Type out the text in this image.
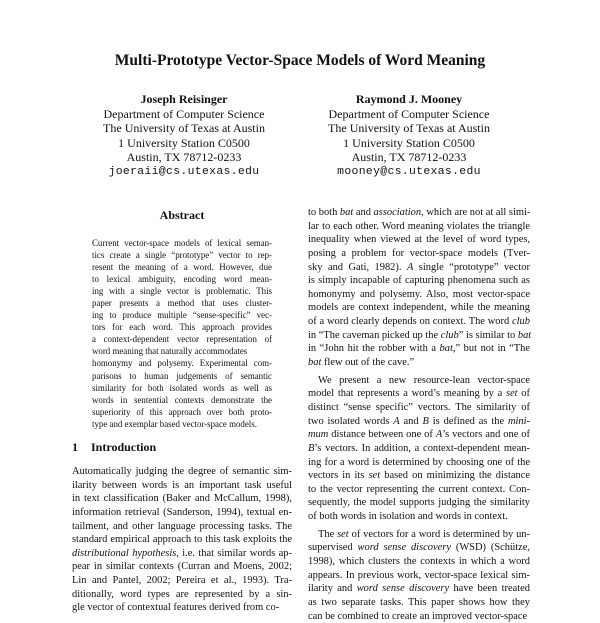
Multi-Prototype Vector-Space Models of Word Meaning
Joseph Reisinger
Department of Computer Science
The University of Texas at Austin
1 University Station C0500
Austin, TX 78712-0233
joeraii@cs.utexas.edu
Raymond J. Mooney
Department of Computer Science
The University of Texas at Austin
1 University Station C0500
Austin, TX 78712-0233
mooney@cs.utexas.edu
Abstract
Current vector-space models of lexical seman-
tics create a single “prototype” vector to rep-
resent the meaning of a word. However, due
to lexical ambiguity, encoding word mean-
ing with a single vector is problematic. This
paper presents a method that uses cluster-
ing to produce multiple “sense-specific” vec-
tors for each word. This approach provides
a context-dependent vector representation of
word meaning that naturally accommodates
homonymy and polysemy. Experimental com-
parisons to human judgements of semantic
similarity for both isolated words as well as
words in sentential contexts demonstrate the
superiority of this approach over both proto-
type and exemplar based vector-space models.
1 Introduction
Automatically judging the degree of semantic sim-
ilarity between words is an important task useful
in text classification (Baker and McCallum, 1998),
information retrieval (Sanderson, 1994), textual en-
tailment, and other language processing tasks. The
standard empirical approach to this task exploits the
distributional hypothesis, i.e. that similar words ap-
pear in similar contexts (Curran and Moens, 2002;
Lin and Pantel, 2002; Pereira et al., 1993). Tra-
ditionally, word types are represented by a sin-
gle vector of contextual features derived from co-
to both bat and association, which are not at all simi-
lar to each other. Word meaning violates the triangle
inequality when viewed at the level of word types,
posing a problem for vector-space models (Tver-
sky and Gati, 1982). A single “prototype” vector
is simply incapable of capturing phenomena such as
homonymy and polysemy. Also, most vector-space
models are context independent, while the meaning
of a word clearly depends on context. The word club
in “The caveman picked up the club” is similar to bat
in “John hit the robber with a bat,” but not in “The
bat flew out of the cave.”
We present a new resource-lean vector-space
model that represents a word’s meaning by a set of
distinct “sense specific” vectors. The similarity of
two isolated words A and B is defined as the mini-
mum distance between one of A’s vectors and one of
B’s vectors. In addition, a context-dependent mean-
ing for a word is determined by choosing one of the
vectors in its set based on minimizing the distance
to the vector representing the current context. Con-
sequently, the model supports judging the similarity
of both words in isolation and words in context.
The set of vectors for a word is determined by un-
supervised word sense discovery (WSD) (Schütze,
1998), which clusters the contexts in which a word
appears. In previous work, vector-space lexical sim-
ilarity and word sense discovery have been treated
as two separate tasks. This paper shows how they
can be combined to create an improved vector-space
